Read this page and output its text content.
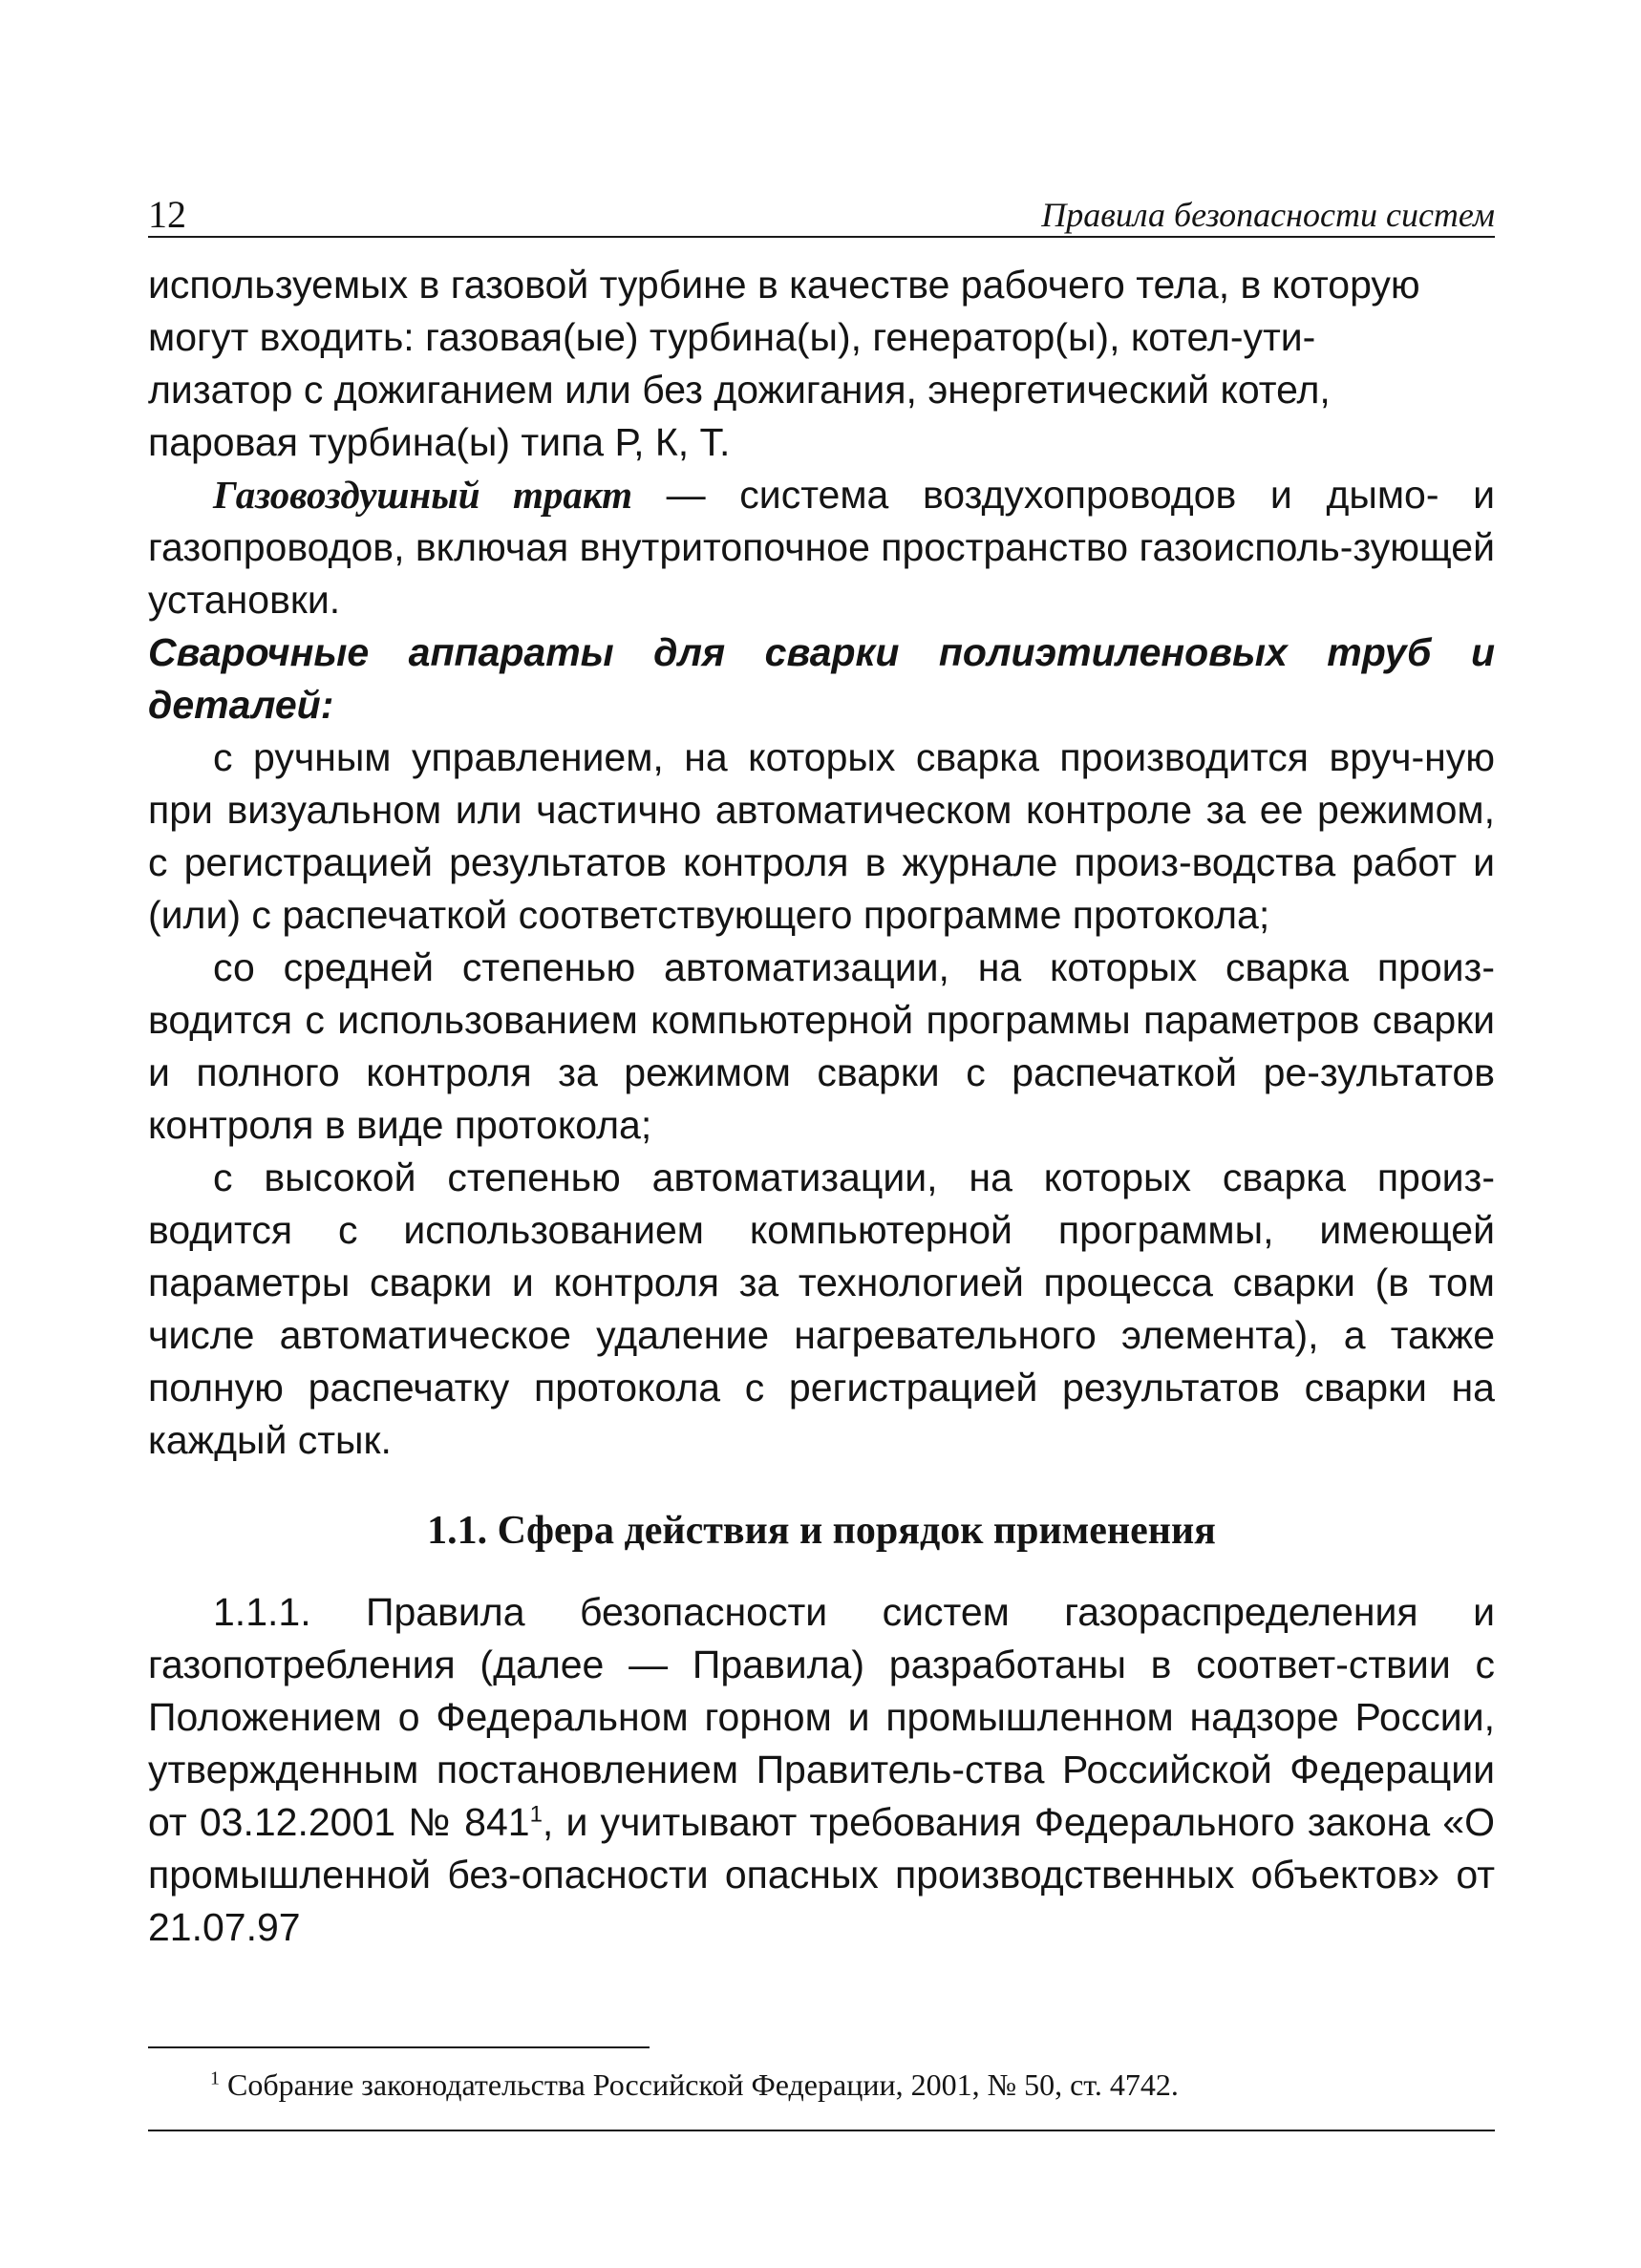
12	Правила безопасности систем

используемых в газовой турбине в качестве рабочего тела, в которую
могут входить: газовая(ые) турбина(ы), генератор(ы), котел-ути-
лизатор с дожиганием или без дожигания, энергетический котел,
паровая турбина(ы) типа Р, К, Т.

Газовоздушный тракт — система воздухопроводов и дымо- и газопроводов, включая внутритопочное пространство газоисполь-зующей установки.

Сварочные аппараты для сварки полиэтиленовых труб и деталей:

с ручным управлением, на которых сварка производится вруч-ную при визуальном или частично автоматическом контроле за ее режимом, с регистрацией результатов контроля в журнале произ-водства работ и (или) с распечаткой соответствующего программе протокола;

со средней степенью автоматизации, на которых сварка произ-водится с использованием компьютерной программы параметров сварки и полного контроля за режимом сварки с распечаткой ре-зультатов контроля в виде протокола;

с высокой степенью автоматизации, на которых сварка произ-водится с использованием компьютерной программы, имеющей параметры сварки и контроля за технологией процесса сварки (в том числе автоматическое удаление нагревательного элемента), а также полную распечатку протокола с регистрацией результатов сварки на каждый стык.

1.1. Сфера действия и порядок применения

1.1.1. Правила безопасности систем газораспределения и газопотребления (далее — Правила) разработаны в соответ-ствии с Положением о Федеральном горном и промышленном надзоре России, утвержденным постановлением Правитель-ства Российской Федерации от 03.12.2001 № 841$^1$, и учитывают требования Федерального закона «О промышленной без-опасности опасных производственных объектов» от 21.07.97

$^1$ Собрание законодательства Российской Федерации, 2001, № 50, ст. 4742.
